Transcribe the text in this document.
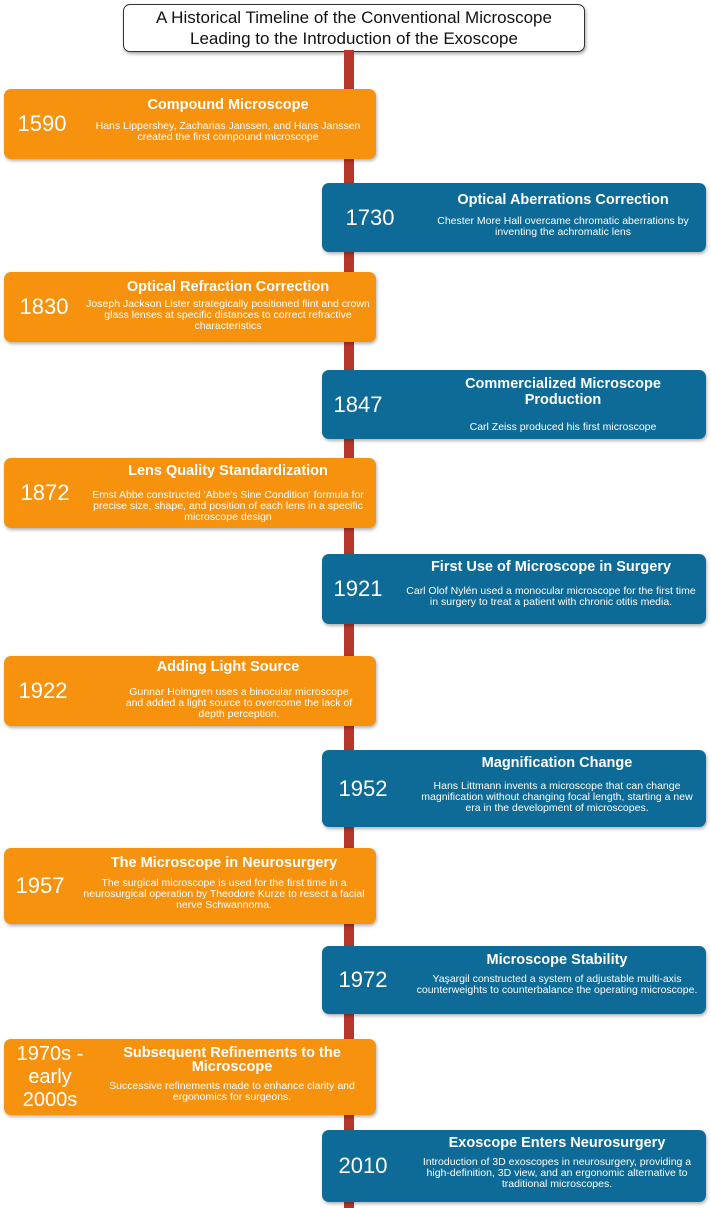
A Historical Timeline of the Conventional Microscope
Leading to the Introduction of the Exoscope
1590
Compound Microscope
Hans Lippershey, Zacharias Janssen, and Hans Janssen created the first compound microscope
1730
Optical Aberrations Correction
Chester More Hall overcame chromatic aberrations by inventing the achromatic lens
1830
Optical Refraction Correction
Joseph Jackson Lister strategically positioned flint and crown glass lenses at specific distances to correct refractive characteristics
1847
Commercialized Microscope Production
Carl Zeiss produced his first microscope
1872
Lens Quality Standardization
Ernst Abbe constructed 'Abbe's Sine Condition' formula for precise size, shape, and position of each lens in a specific microscope design
1921
First Use of Microscope in Surgery
Carl Olof Nylén used a monocular microscope for the first time in surgery to treat a patient with chronic otitis media.
1922
Adding Light Source
Gunnar Holmgren uses a binocular microscope and added a light source to overcome the lack of depth perception.
1952
Magnification Change
Hans Littmann invents a microscope that can change magnification without changing focal length, starting a new era in the development of microscopes.
1957
The Microscope in Neurosurgery
The surgical microscope is used for the first time in a neurosurgical operation by Theodore Kurze to resect a facial nerve Schwannoma.
1972
Microscope Stability
Yaşargil constructed a system of adjustable multi-axis counterweights to counterbalance the operating microscope.
1970s -
early
2000s
Subsequent Refinements to the Microscope
Successive refinements made to enhance clarity and ergonomics for surgeons.
2010
Exoscope Enters Neurosurgery
Introduction of 3D exoscopes in neurosurgery, providing a high-definition, 3D view, and an ergonomic alternative to traditional microscopes.
